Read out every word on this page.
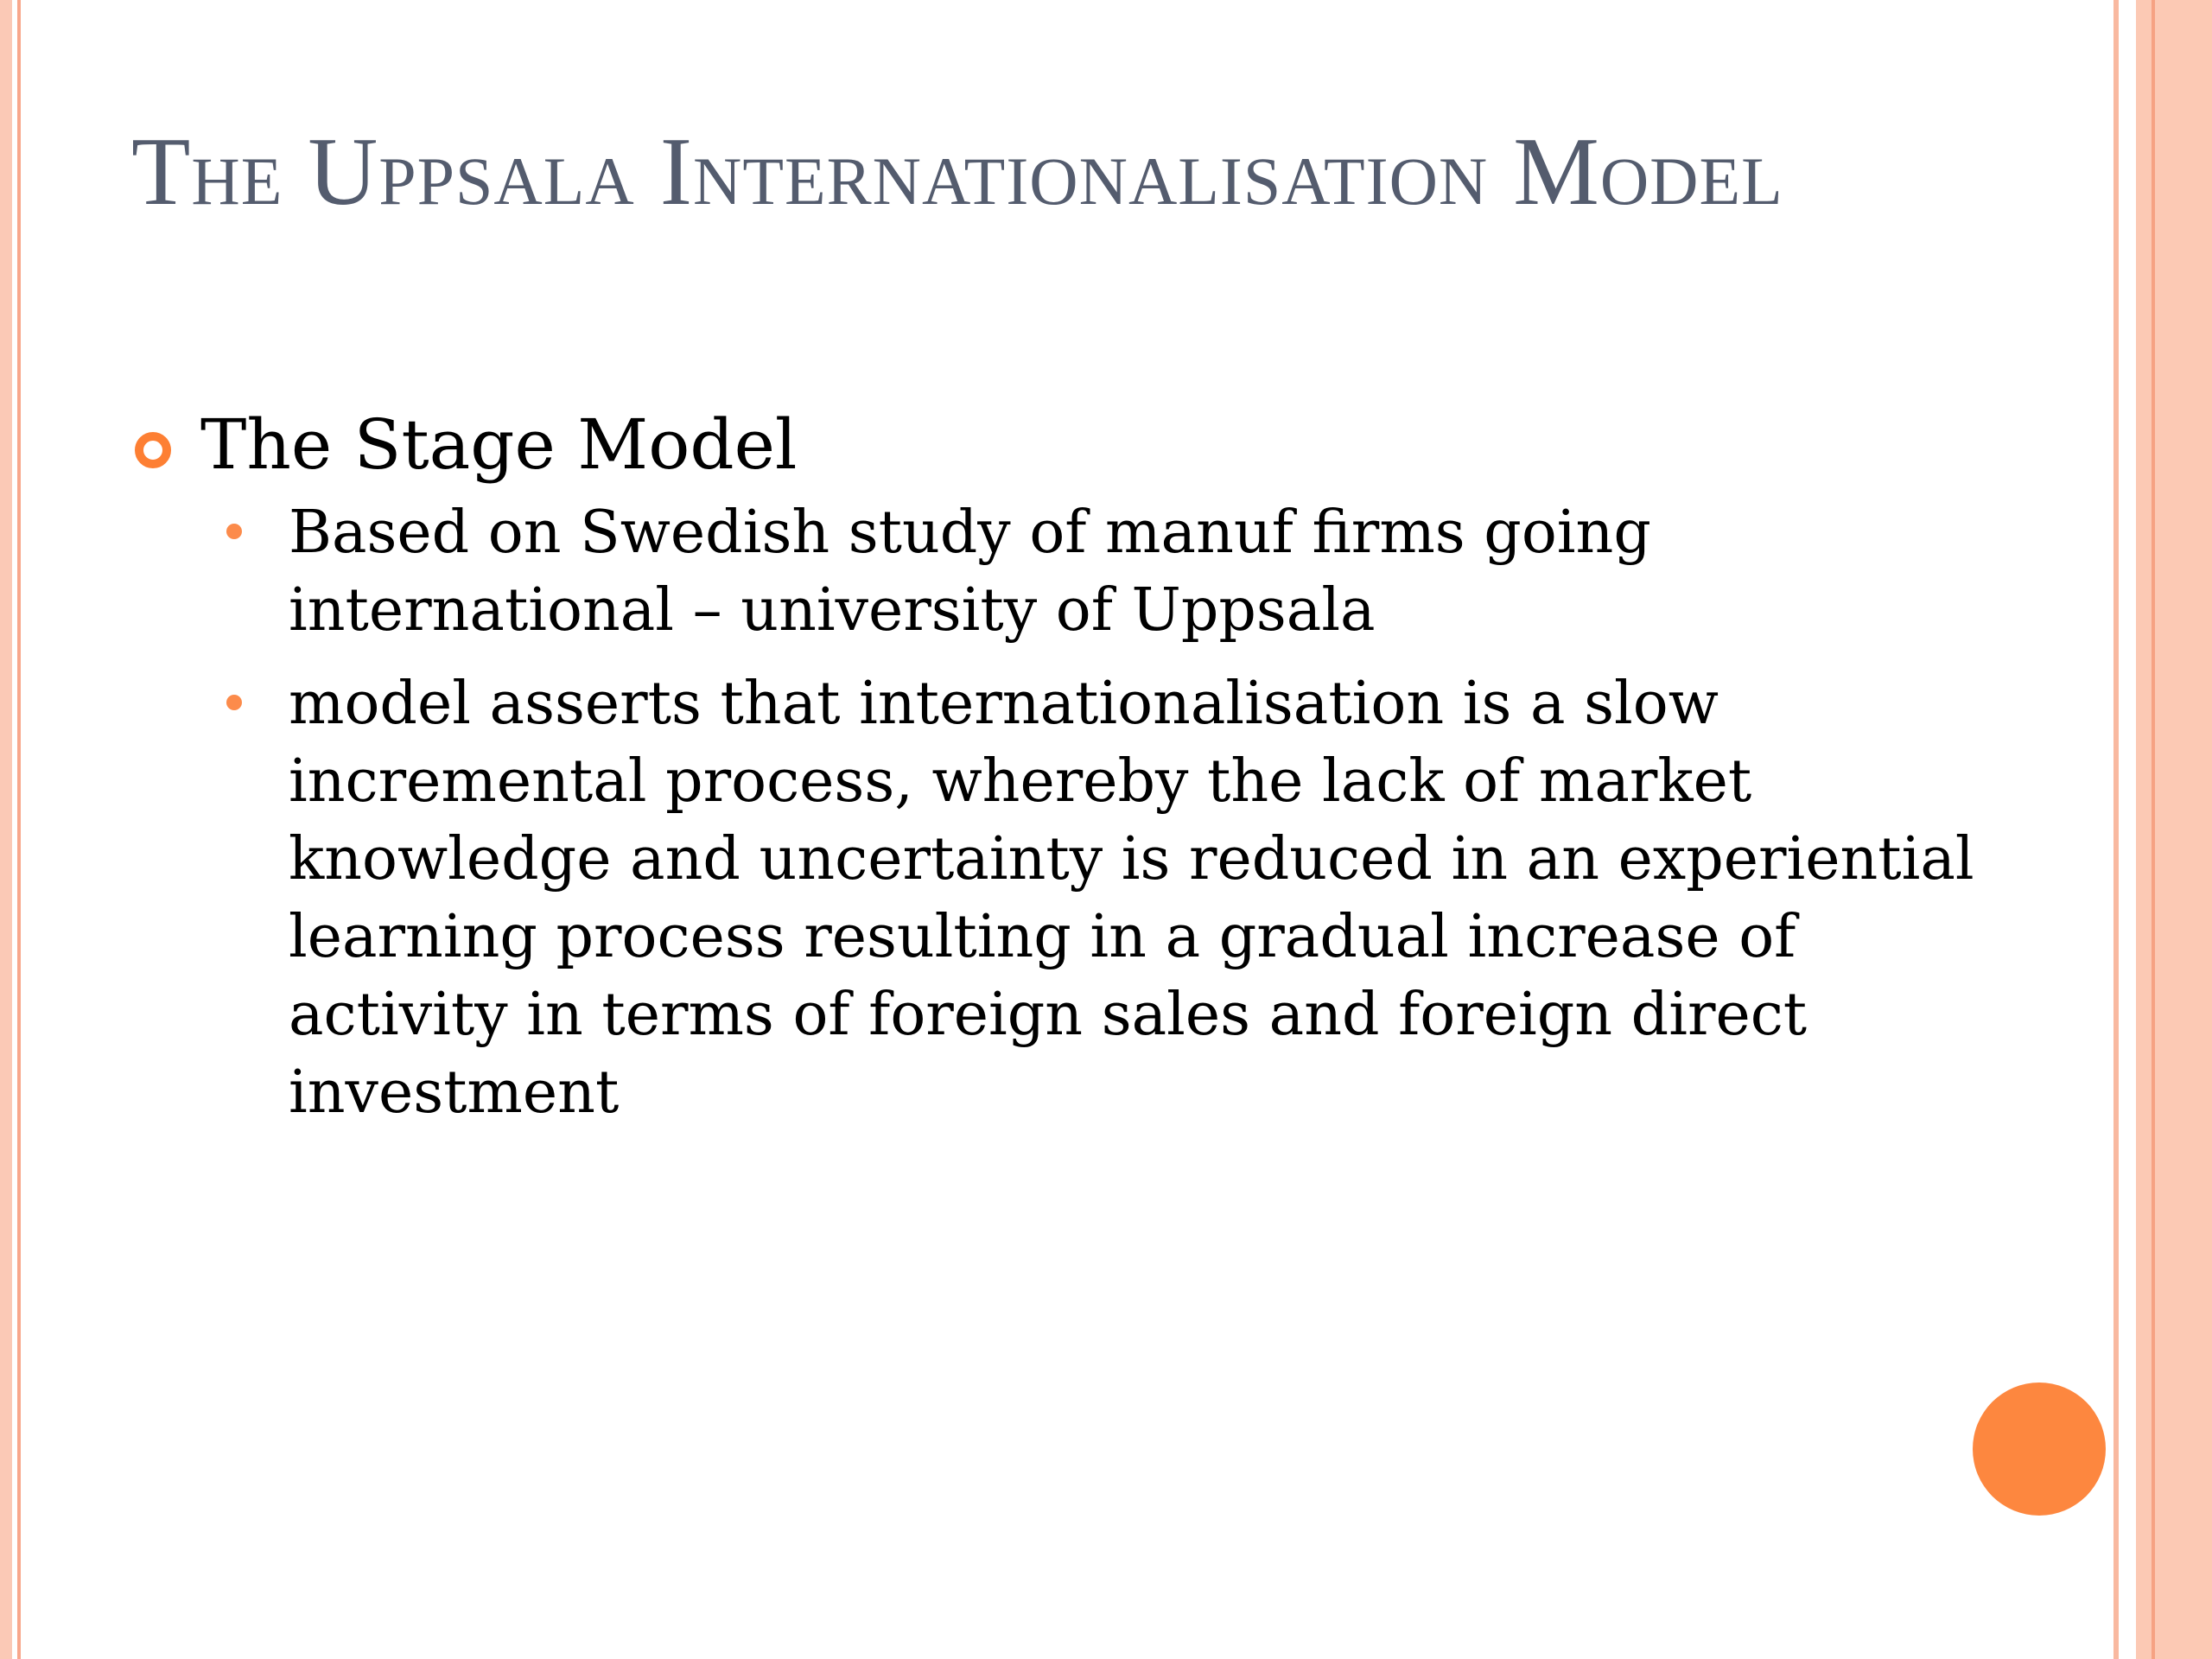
The Uppsala Internationalisation Model
The Stage Model
Based on Swedish study of manuf firms going international – university of Uppsala
model asserts that internationalisation is a slow incremental process, whereby the lack of market knowledge and uncertainty is reduced in an experiential learning process resulting in a gradual increase of activity in terms of foreign sales and foreign direct investment
